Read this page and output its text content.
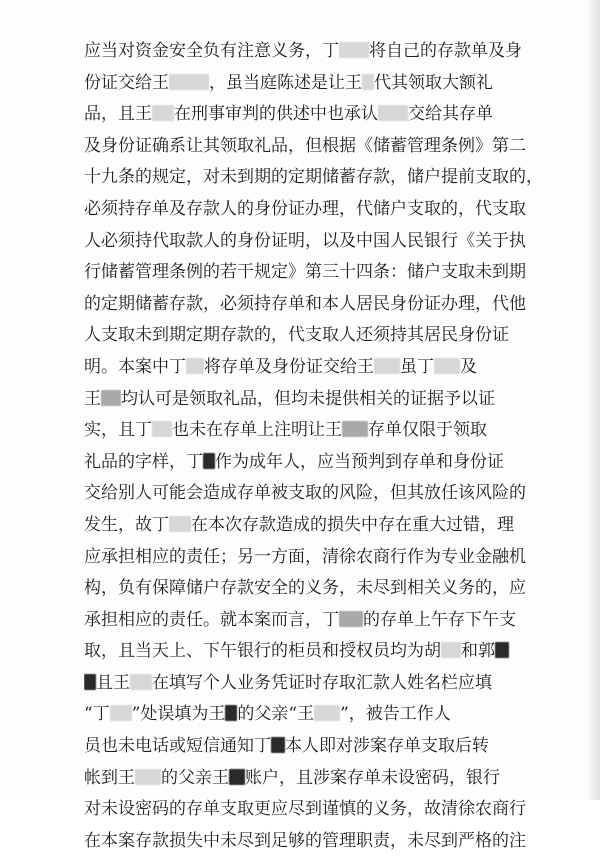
应当对资金安全负有注意义务，丁 将自己的存款单及身
份证交给王 ，虽当庭陈述是让王 代其领取大额礼
品，且王 在刑事审判的供述中也承认 交给其存单
及身份证确系让其领取礼品，但根据《储蓄管理条例》第二
十九条的规定，对未到期的定期储蓄存款，储户提前支取的，
必须持存单及存款人的身份证办理，代储户支取的，代支取
人必须持代取款人的身份证明，以及中国人民银行《关于执
行储蓄管理条例的若干规定》第三十四条：储户支取未到期
的定期储蓄存款，必须持存单和本人居民身份证办理，代他
人支取未到期定期存款的，代支取人还须持其居民身份证
明。本案中丁 将存单及身份证交给王 虽丁 及
王 均认可是领取礼品，但均未提供相关的证据予以证
实，且丁 也未在存单上注明让王 存单仅限于领取
礼品的字样，丁 作为成年人，应当预判到存单和身份证
交给别人可能会造成存单被支取的风险，但其放任该风险的
发生，故丁 在本次存款造成的损失中存在重大过错，理
应承担相应的责任；另一方面，清徐农商行作为专业金融机
构，负有保障储户存款安全的义务，未尽到相关义务的，应
承担相应的责任。就本案而言，丁 的存单上午存下午支
取，且当天上、下午银行的柜员和授权员均为胡 和郭
且王 在填写个人业务凭证时存取汇款人姓名栏应填
“丁 ”处误填为王 的父亲“王 ”，被告工作人
员也未电话或短信通知丁 本人即对涉案存单支取后转
帐到王 的父亲王 账户，且涉案存单未设密码，银行
对未设密码的存单支取更应尽到谨慎的义务，故清徐农商行
在本案存款损失中未尽到足够的管理职责，未尽到严格的注
